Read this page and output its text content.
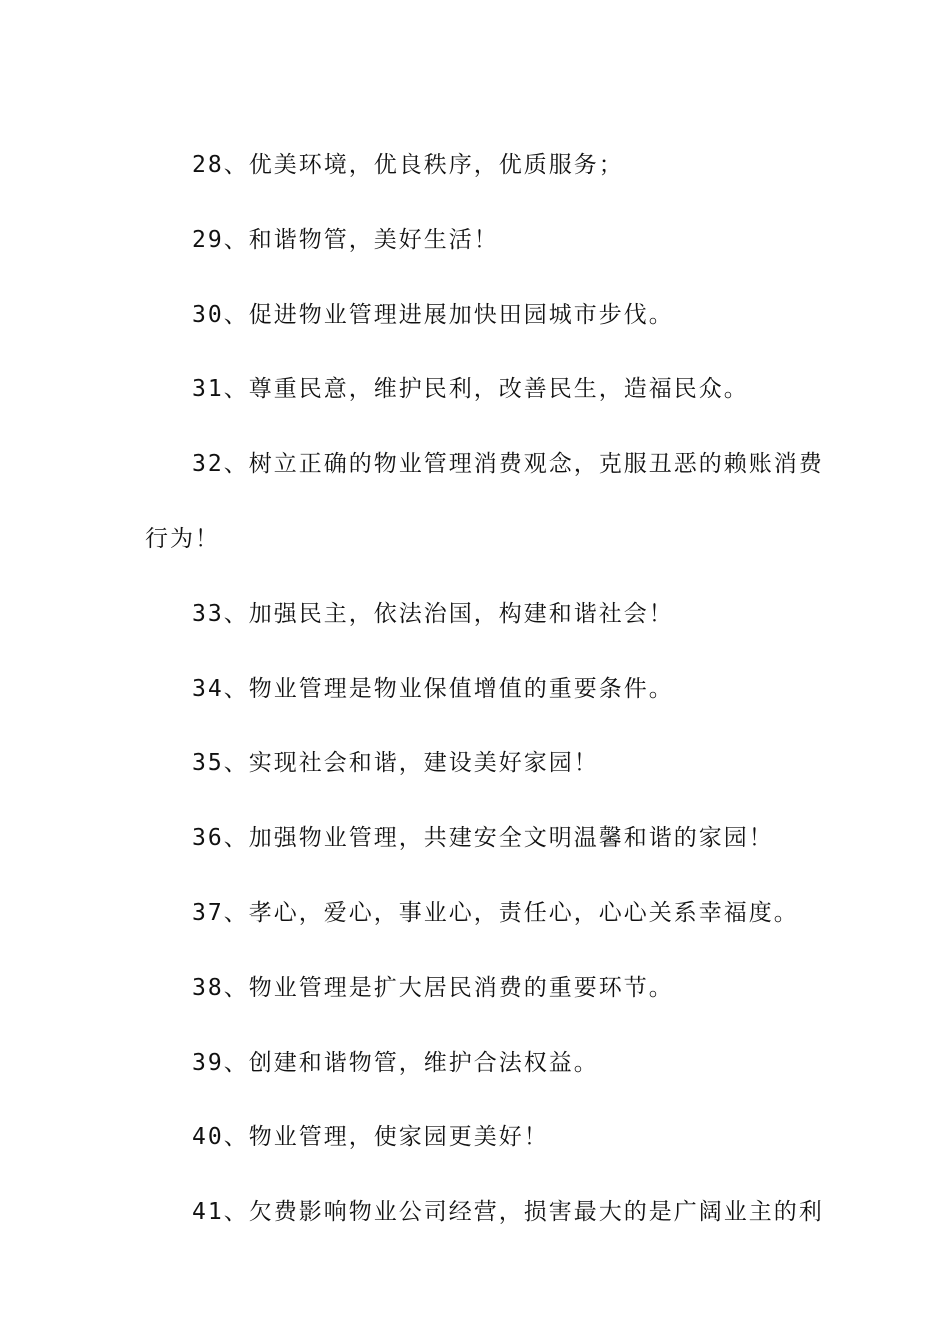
28、优美环境，优良秩序，优质服务；
29、和谐物管，美好生活！
30、促进物业管理进展加快田园城市步伐。
31、尊重民意，维护民利，改善民生，造福民众。
32、树立正确的物业管理消费观念，克服丑恶的赖账消费
行为！
33、加强民主，依法治国，构建和谐社会！
34、物业管理是物业保值增值的重要条件。
35、实现社会和谐，建设美好家园！
36、加强物业管理，共建安全文明温馨和谐的家园！
37、孝心，爱心，事业心，责任心，心心关系幸福度。
38、物业管理是扩大居民消费的重要环节。
39、创建和谐物管，维护合法权益。
40、物业管理，使家园更美好！
41、欠费影响物业公司经营，损害最大的是广阔业主的利
